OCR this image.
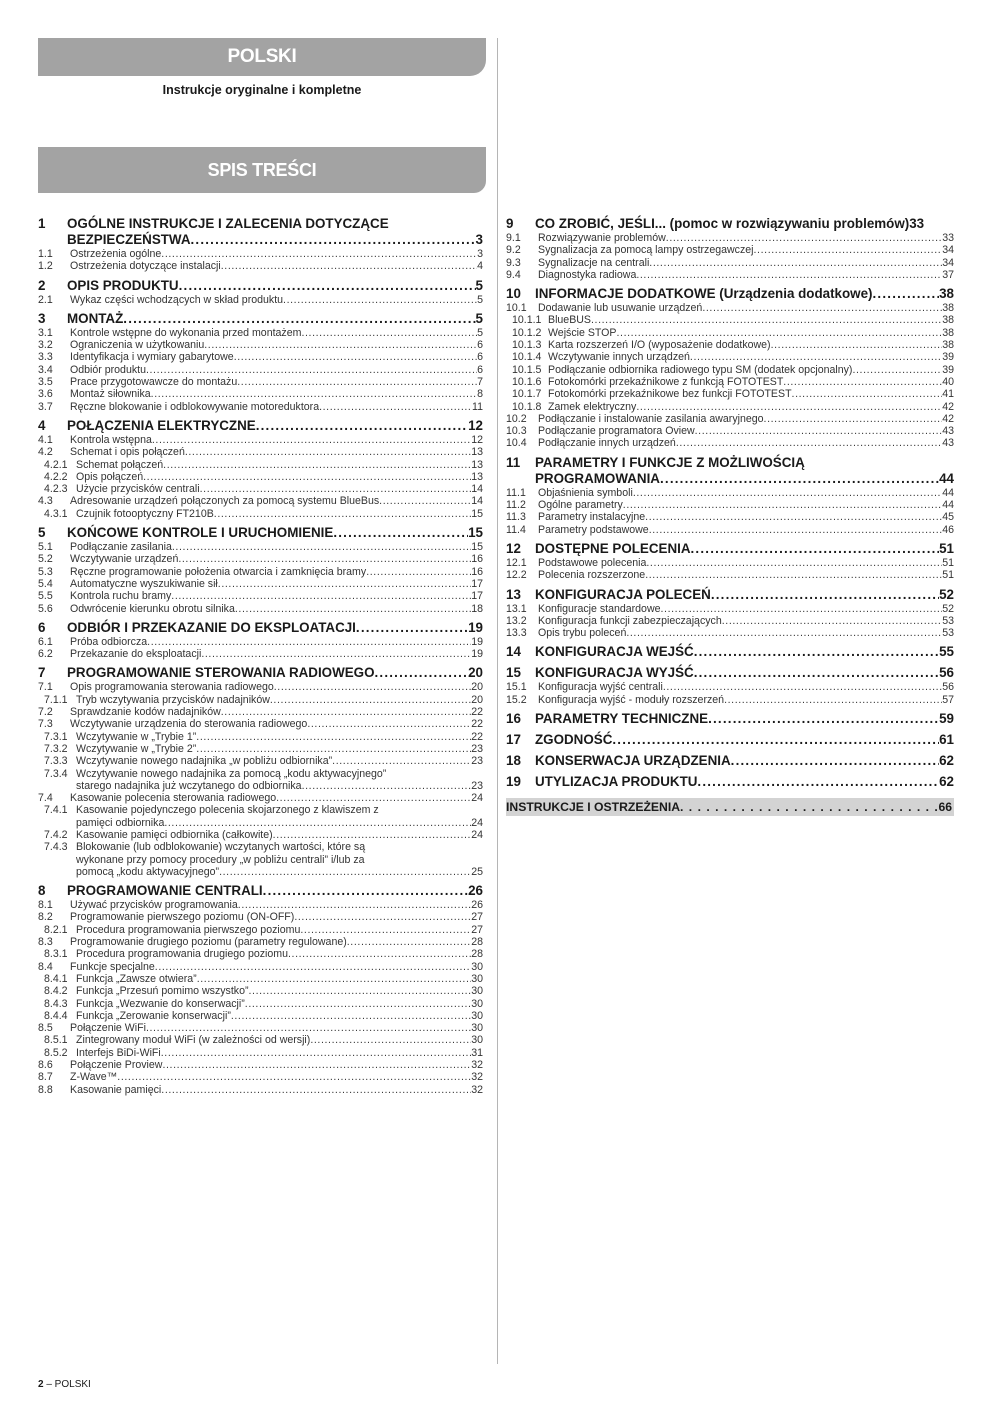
POLSKI
Instrukcje oryginalne i kompletne
SPIS TREŚCI
1	OGÓLNE INSTRUKCJE I ZALECENIA DOTYCZĄCE
BEZPIECZEŃSTWA .....	3
1.1	Ostrzeżenia ogólne .....	3
1.2	Ostrzeżenia dotyczące instalacji .....	4
2	OPIS PRODUKTU .....	5
2.1	Wykaz części wchodzących w skład produktu .....	5
3	MONTAŻ .....	5
3.1	Kontrole wstępne do wykonania przed montażem .....	5
3.2	Ograniczenia w użytkowaniu .....	6
3.3	Identyfikacja i wymiary gabarytowe .....	6
3.4	Odbiór produktu .....	6
3.5	Prace przygotowawcze do montażu .....	7
3.6	Montaż siłownika .....	8
3.7	Ręczne blokowanie i odblokowywanie motoreduktora .....	11
4	POŁĄCZENIA ELEKTRYCZNE .....	12
4.1	Kontrola wstępna .....	12
4.2	Schemat i opis połączeń .....	13
4.2.1 Schemat połączeń .....	13
4.2.2 Opis połączeń .....	13
4.2.3 Użycie przycisków centrali .....	14
4.3	Adresowanie urządzeń połączonych za pomocą systemu BlueBus .....	14
4.3.1 Czujnik fotooptyczny FT210B .....	15
5	KOŃCOWE KONTROLE I URUCHOMIENIE .....	15
5.1	Podłączanie zasilania .....	15
5.2	Wczytywanie urządzeń .....	16
5.3	Ręczne programowanie położenia otwarcia i zamknięcia bramy .....	16
5.4	Automatyczne wyszukiwanie sił .....	17
5.5	Kontrola ruchu bramy .....	17
5.6	Odwrócenie kierunku obrotu silnika .....	18
6	ODBIÓR I PRZEKAZANIE DO EKSPLOATACJI .....	19
6.1	Próba odbiorcza .....	19
6.2	Przekazanie do eksploatacji .....	19
7	PROGRAMOWANIE STEROWANIA RADIOWEGO .....	20
7.1	Opis programowania sterowania radiowego .....	20
7.1.1 Tryb wczytywania przycisków nadajników .....	20
7.2	Sprawdzanie kodów nadajników .....	22
7.3	Wczytywanie urządzenia do sterowania radiowego .....	22
7.3.1 Wczytywanie w „Trybie 1” .....	22
7.3.2 Wczytywanie w „Trybie 2” .....	23
7.3.3 Wczytywanie nowego nadajnika „w pobliżu odbiornika” .....	23
7.3.4 Wczytywanie nowego nadajnika za pomocą „kodu aktywacyjnego”
starego nadajnika już wczytanego do odbiornika .....	23
7.4	Kasowanie polecenia sterowania radiowego .....	24
7.4.1 Kasowanie pojedynczego polecenia skojarzonego z klawiszem z
pamięci odbiornika .....	24
7.4.2 Kasowanie pamięci odbiornika (całkowite) .....	24
7.4.3 Blokowanie (lub odblokowanie) wczytanych wartości, które są
wykonane przy pomocy procedury „w pobliżu centrali” i/lub za
pomocą „kodu aktywacyjnego” .....	25
8	PROGRAMOWANIE CENTRALI .....	26
8.1	Używać przycisków programowania .....	26
8.2	Programowanie pierwszego poziomu (ON-OFF) .....	27
8.2.1 Procedura programowania pierwszego poziomu .....	27
8.3	Programowanie drugiego poziomu (parametry regulowane) .....	28
8.3.1 Procedura programowania drugiego poziomu .....	28
8.4	Funkcje specjalne .....	30
8.4.1 Funkcja „Zawsze otwiera” .....	30
8.4.2 Funkcja „Przesuń pomimo wszystko” .....	30
8.4.3 Funkcja „Wezwanie do konserwacji” .....	30
8.4.4 Funkcja „Zerowanie konserwacji” .....	30
8.5	Połączenie WiFi .....	30
8.5.1 Zintegrowany moduł WiFi (w zależności od wersji) .....	30
8.5.2 Interfejs BiDi-WiFi .....	31
8.6	Połączenie Proview .....	32
8.7	Z-Wave™ .....	32
8.8	Kasowanie pamięci .....	32
9	CO ZROBIĆ, JEŚLI... (pomoc w rozwiązywaniu problemów) 33
9.1	Rozwiązywanie problemów .....	33
9.2	Sygnalizacja za pomocą lampy ostrzegawczej .....	34
9.3	Sygnalizacje na centrali .....	34
9.4	Diagnostyka radiowa .....	37
10	INFORMACJE DODATKOWE (Urządzenia dodatkowe) .....	38
10.1	Dodawanie lub usuwanie urządzeń .....	38
10.1.1 BlueBUS .....	38
10.1.2 Wejście STOP .....	38
10.1.3 Karta rozszerzeń I/O (wyposażenie dodatkowe) .....	38
10.1.4 Wczytywanie innych urządzeń .....	39
10.1.5 Podłączanie odbiornika radiowego typu SM (dodatek opcjonalny) .....	39
10.1.6 Fotokomórki przekaźnikowe z funkcją FOTOTEST .....	40
10.1.7 Fotokomórki przekaźnikowe bez funkcji FOTOTEST .....	41
10.1.8 Zamek elektryczny .....	42
10.2	Podłączanie i instalowanie zasilania awaryjnego .....	42
10.3	Podłączanie programatora Oview .....	43
10.4	Podłączanie innych urządzeń .....	43
11	PARAMETRY I FUNKCJE Z MOŻLIWOŚCIĄ
PROGRAMOWANIA .....	44
11.1	Objaśnienia symboli .....	44
11.2	Ogólne parametry .....	44
11.3	Parametry instalacyjne .....	45
11.4	Parametry podstawowe .....	46
12	DOSTĘPNE POLECENIA .....	51
12.1	Podstawowe polecenia .....	51
12.2	Polecenia rozszerzone .....	51
13	KONFIGURACJA POLECEŃ .....	52
13.1	Konfiguracje standardowe .....	52
13.2	Konfiguracja funkcji zabezpieczających .....	53
13.3	Opis trybu poleceń .....	53
14	KONFIGURACJA WEJŚĆ .....	55
15	KONFIGURACJA WYJŚĆ .....	56
15.1	Konfiguracja wyjść centrali .....	56
15.2	Konfiguracja wyjść - moduły rozszerzeń .....	57
16	PARAMETRY TECHNICZNE .....	59
17	ZGODNOŚĆ .....	61
18	KONSERWACJA URZĄDZENIA .....	62
19	UTYLIZACJA PRODUKTU .....	62
INSTRUKCJE I OSTRZEŻENIA . . .	66
2 – POLSKI
